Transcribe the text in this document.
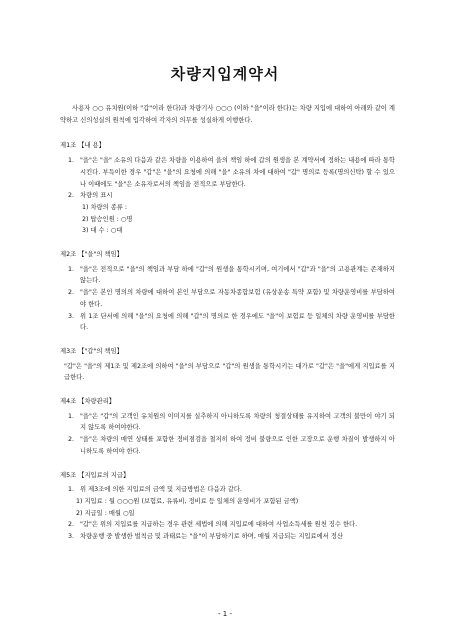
차량지입계약서

사용자 ○○ 유치원(이하 "갑"이라 한다)과 차량기사 ○○○ (이하 "을"이라 한다)는 차량 지입에 대하여 아래와 같이 계약하고 신의성실의 원칙에 입각하여 각자의 의무를 성실하게 이행한다.

제1조 【내 용】
1. "을"은 "을" 소유의 다음과 같은 차량을 이용하여 을의 책임 하에 갑의 원생을 본 계약서에 정하는 내용에 따라 통학시킨다. 부득이한 경우 "갑"은 "을"의 요청에 의해 "을" 소유의 차에 대하여 "갑" 명의로 등록(명의신탁) 할 수 있으나 이때에도 "을"은 소유자로서의 책임을 전적으로 부담한다.
2. 차량의 표시
1) 차량의 종류 :
2) 탑승인원 : ○명
3) 대 수 : ○대
제2조 【"을"의 책임】
1. "을"은 전적으로 "을"의 책임과 부담 하에 "갑"의 원생을 통학시키며, 여기에서 "갑"과 "을"의 고용관계는 존재하지 않는다.
2. "을"은 본인 명의의 차량에 대하여 본인 부담으로 자동차종합보험 (유상운송 특약 포함) 및 차량운영비를 부담하여야 한다.
3. 위 1조 단서에 의해 "을"의 요청에 의해 "갑"의 명의로 한 경우에도 "을"이 보험료 등 일체의 차량 운영비를 부담한다.
제3조 【"갑"의 책임】

"갑"은 "을"의 제1조 및 제2조에 의하여 "을"의 부담으로 "갑"의 원생을 통학시키는 대가로 "갑"은 "을"에게 지입료를 지급한다.

제4조 【차량관리】
1. "을"은 "갑"의 고객인 유치원의 이미지를 실추하지 아니하도록 차량의 청결상태를 유지하여 고객의 불만이 야기 되지 않도록 하여야한다.
2. "을"은 차량의 매연 상태를 포함한 정비점검을 철저히 하여 정비 불량으로 인한 고장으로 운행 차질이 발생하지 아니하도록 하여야 한다.
제5조 【지입료의 지급】
1. 위 제3조에 의한 지입료의 금액 및 지급방법은 다음과 같다.
1) 지입료 : 월 ○○○원 (보험료, 유류비, 정비료 등 일체의 운영비가 포함된 금액)
2) 지급일 : 매월 ○일
2. "갑"은 위의 지입료를 지급하는 경우 관련 세법에 의해 지입료에 대하여 사업소득세를 원천 징수 한다.
3. 차량운행 중 발생한 벌칙금 및 과태료는 "을"이 부담하기로 하며, 매월 지급되는 지입료에서 정산
- 1 -
